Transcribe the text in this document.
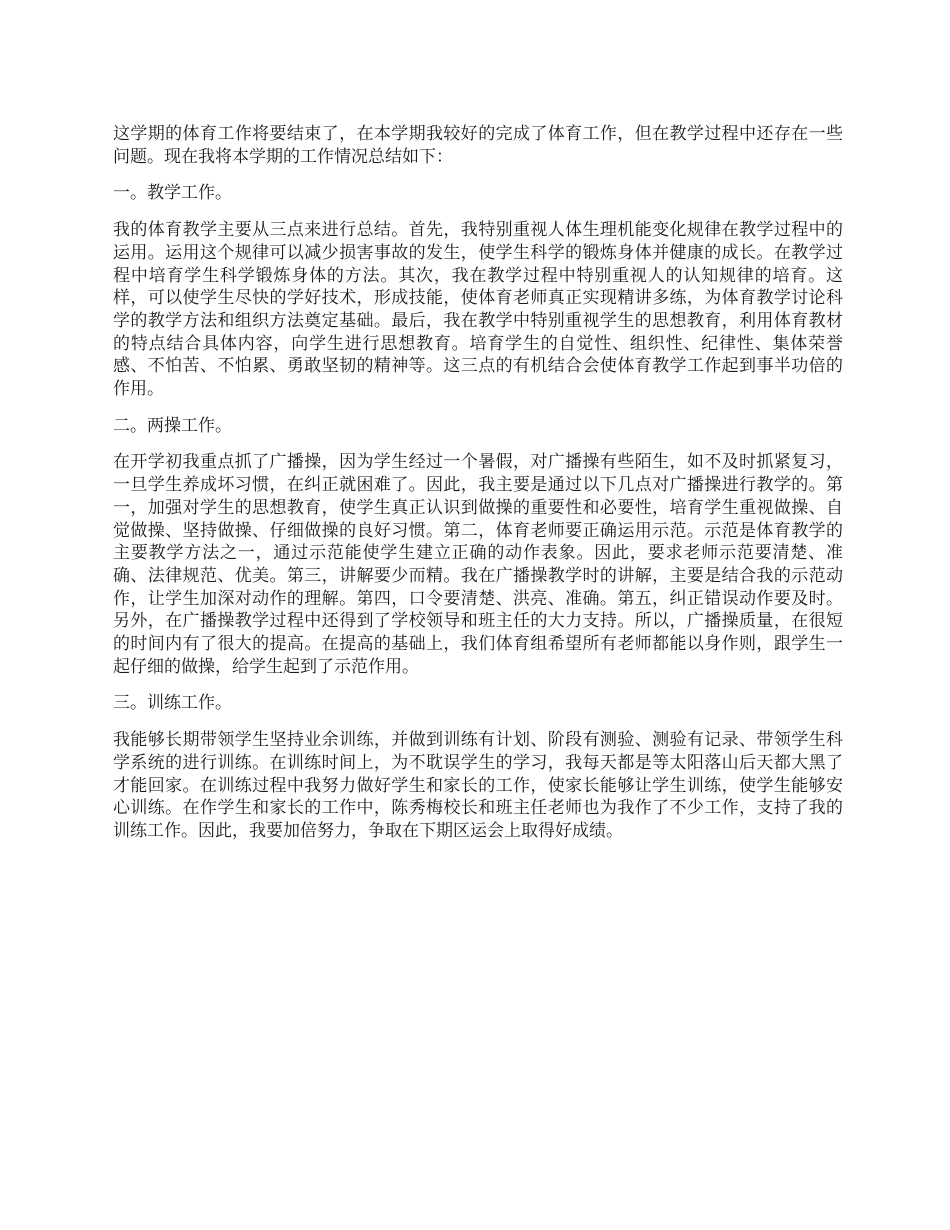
这学期的体育工作将要结束了，在本学期我较好的完成了体育工作，但在教学过程中还存在一些问题。现在我将本学期的工作情况总结如下：

一。教学工作。

我的体育教学主要从三点来进行总结。首先，我特别重视人体生理机能变化规律在教学过程中的运用。运用这个规律可以减少损害事故的发生，使学生科学的锻炼身体并健康的成长。在教学过程中培育学生科学锻炼身体的方法。其次，我在教学过程中特别重视人的认知规律的培育。这样，可以使学生尽快的学好技术，形成技能，使体育老师真正实现精讲多练，为体育教学讨论科学的教学方法和组织方法奠定基础。最后，我在教学中特别重视学生的思想教育，利用体育教材的特点结合具体内容，向学生进行思想教育。培育学生的自觉性、组织性、纪律性、集体荣誉感、不怕苦、不怕累、勇敢坚韧的精神等。这三点的有机结合会使体育教学工作起到事半功倍的作用。

二。两操工作。

在开学初我重点抓了广播操，因为学生经过一个暑假，对广播操有些陌生，如不及时抓紧复习，一旦学生养成坏习惯，在纠正就困难了。因此，我主要是通过以下几点对广播操进行教学的。第一，加强对学生的思想教育，使学生真正认识到做操的重要性和必要性，培育学生重视做操、自觉做操、坚持做操、仔细做操的良好习惯。第二，体育老师要正确运用示范。示范是体育教学的主要教学方法之一，通过示范能使学生建立正确的动作表象。因此，要求老师示范要清楚、准确、法律规范、优美。第三，讲解要少而精。我在广播操教学时的讲解，主要是结合我的示范动作，让学生加深对动作的理解。第四，口令要清楚、洪亮、准确。第五，纠正错误动作要及时。另外，在广播操教学过程中还得到了学校领导和班主任的大力支持。所以，广播操质量，在很短的时间内有了很大的提高。在提高的基础上，我们体育组希望所有老师都能以身作则，跟学生一起仔细的做操，给学生起到了示范作用。

三。训练工作。

我能够长期带领学生坚持业余训练，并做到训练有计划、阶段有测验、测验有记录、带领学生科学系统的进行训练。在训练时间上，为不耽误学生的学习，我每天都是等太阳落山后天都大黑了才能回家。在训练过程中我努力做好学生和家长的工作，使家长能够让学生训练，使学生能够安心训练。在作学生和家长的工作中，陈秀梅校长和班主任老师也为我作了不少工作，支持了我的训练工作。因此，我要加倍努力，争取在下期区运会上取得好成绩。
